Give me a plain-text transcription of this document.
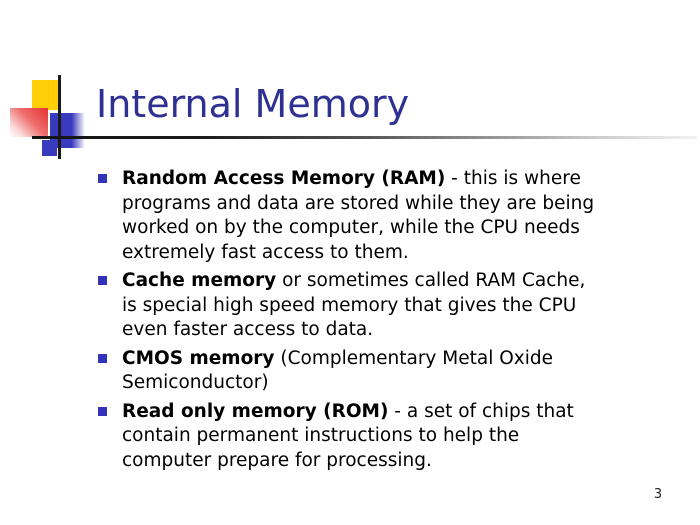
Internal Memory
Random Access Memory (RAM) - this is where programs and data are stored while they are being worked on by the computer, while the CPU needs extremely fast access to them.
Cache memory or sometimes called RAM Cache, is special high speed memory that gives the CPU even faster access to data.
CMOS memory (Complementary Metal Oxide Semiconductor)
Read only memory (ROM) - a set of chips that contain permanent instructions to help the computer prepare for processing.
3
